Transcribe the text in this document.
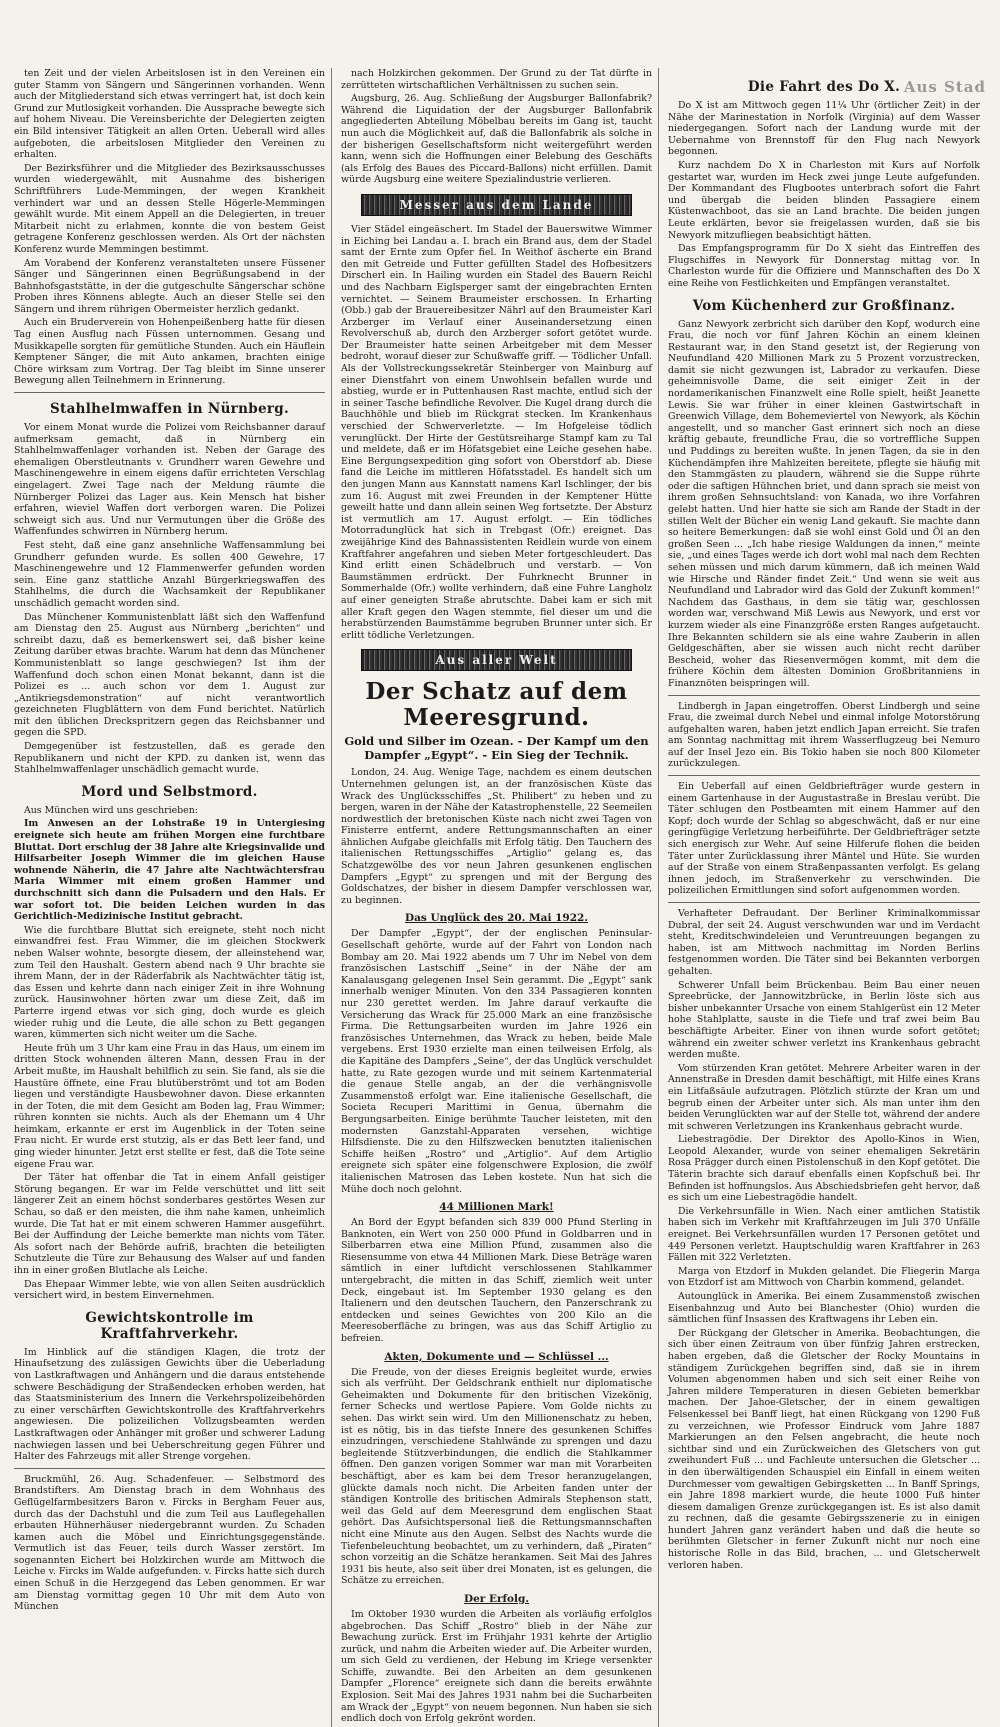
Aus Stad

ten Zeit und der vielen Arbeitslosen ist in den Vereinen ein guter Stamm von Sängern und Sängerinnen vorhanden. Wenn auch der Mitgliederstand sich etwas verringert hat, ist doch kein Grund zur Mutlosigkeit vorhanden. Die Aussprache bewegte sich auf hohem Niveau. Die Vereinsberichte der Delegierten zeigten ein Bild intensiver Tätigkeit an allen Orten. Ueberall wird alles aufgeboten, die arbeitslosen Mitglieder den Vereinen zu erhalten.

Der Bezirksführer und die Mitglieder des Bezirksausschusses wurden wiedergewählt, mit Ausnahme des bisherigen Schriftführers Lude-Memmingen, der wegen Krankheit verhindert war und an dessen Stelle Högerle-Memmingen gewählt wurde. Mit einem Appell an die Delegierten, in treuer Mitarbeit nicht zu erlahmen, konnte die von bestem Geist getragene Konferenz geschlossen werden. Als Ort der nächsten Konferenz wurde Memmingen bestimmt.

Am Vorabend der Konferenz veranstalteten unsere Füssener Sänger und Sängerinnen einen Begrüßungsabend in der Bahnhofsgaststätte, in der die gutgeschulte Sängerschar schöne Proben ihres Könnens ablegte. Auch an dieser Stelle sei den Sängern und ihrem rührigen Obermeister herzlich gedankt.

Auch ein Bruderverein von Hohenpeißenberg hatte für diesen Tag einen Ausflug nach Füssen unternommen. Gesang und Musikkapelle sorgten für gemütliche Stunden. Auch ein Häuflein Kemptener Sänger, die mit Auto ankamen, brachten einige Chöre wirksam zum Vortrag. Der Tag bleibt im Sinne unserer Bewegung allen Teilnehmern in Erinnerung.

Stahlhelmwaffen in Nürnberg.

Vor einem Monat wurde die Polizei vom Reichsbanner darauf aufmerksam gemacht, daß in Nürnberg ein Stahlhelmwaffenlager vorhanden ist. Neben der Garage des ehemaligen Oberstleutnants v. Grundherr waren Gewehre und Maschinengewehre in einem eigens dafür errichteten Verschlag eingelagert. Zwei Tage nach der Meldung räumte die Nürnberger Polizei das Lager aus. Kein Mensch hat bisher erfahren, wieviel Waffen dort verborgen waren. Die Polizei schweigt sich aus. Und nur Vermutungen über die Größe des Waffenfundes schwirren in Nürnberg herum.

Fest steht, daß eine ganz ansehnliche Waffensammlung bei Grundherr gefunden wurde. Es sollen 400 Gewehre, 17 Maschinengewehre und 12 Flammenwerfer gefunden worden sein. Eine ganz stattliche Anzahl Bürgerkriegswaffen des Stahlhelms, die durch die Wachsamkeit der Republikaner unschädlich gemacht worden sind.

Das Münchener Kommunistenblatt läßt sich den Waffenfund am Dienstag den 25. August aus Nürnberg „berichten“ und schreibt dazu, daß es bemerkenswert sei, daß bisher keine Zeitung darüber etwas brachte. Warum hat denn das Münchener Kommunistenblatt so lange geschwiegen? Ist ihm der Waffenfund doch schon einen Monat bekannt, dann ist die Polizei es ... auch schon vor dem 1. August zur „Antikriegsdemonstration“ auf nicht verantwortlich gezeichneten Flugblättern von dem Fund berichtet. Natürlich mit den üblichen Dreckspritzern gegen das Reichsbanner und gegen die SPD.

Demgegenüber ist festzustellen, daß es gerade den Republikanern und nicht der KPD. zu danken ist, wenn das Stahlhelmwaffenlager unschädlich gemacht wurde.

Mord und Selbstmord.

Aus München wird uns geschrieben:

Im Anwesen an der Lohstraße 19 in Untergiesing ereignete sich heute am frühen Morgen eine furchtbare Bluttat. Dort erschlug der 38 Jahre alte Kriegsinvalide und Hilfsarbeiter Joseph Wimmer die im gleichen Hause wohnende Näherin, die 47 Jahre alte Nachtwächtersfrau Maria Wimmer mit einem großen Hammer und durchschnitt sich dann die Pulsadern und den Hals. Er war sofort tot. Die beiden Leichen wurden in das Gerichtlich-Medizinische Institut gebracht.

Wie die furchtbare Bluttat sich ereignete, steht noch nicht einwandfrei fest. Frau Wimmer, die im gleichen Stockwerk neben Walser wohnte, besorgte diesem, der alleinstehend war, zum Teil den Haushalt. Gestern abend nach 9 Uhr brachte sie ihrem Mann, der in der Räderfabrik als Nachtwächter tätig ist, das Essen und kehrte dann nach einiger Zeit in ihre Wohnung zurück. Hausinwohner hörten zwar um diese Zeit, daß im Parterre irgend etwas vor sich ging, doch wurde es gleich wieder ruhig und die Leute, die alle schon zu Bett gegangen waren, kümmerten sich nicht weiter um die Sache.

Heute früh um 3 Uhr kam eine Frau in das Haus, um einem im dritten Stock wohnenden älteren Mann, dessen Frau in der Arbeit mußte, im Haushalt behilflich zu sein. Sie fand, als sie die Haustüre öffnete, eine Frau blutüberströmt und tot am Boden liegen und verständigte Hausbewohner davon. Diese erkannten in der Toten, die mit dem Gesicht am Boden lag, Frau Wimmer; rühren konnten sie nichts. Auch als der Ehemann um 4 Uhr heimkam, erkannte er erst im Augenblick in der Toten seine Frau nicht. Er wurde erst stutzig, als er das Bett leer fand, und ging wieder hinunter. Jetzt erst stellte er fest, daß die Tote seine eigene Frau war.

Der Täter hat offenbar die Tat in einem Anfall geistiger Störung begangen. Er war im Felde verschüttet und litt seit längerer Zeit an einem höchst sonderbares gestörtes Wesen zur Schau, so daß er den meisten, die ihm nahe kamen, unheimlich wurde. Die Tat hat er mit einem schweren Hammer ausgeführt. Bei der Auffindung der Leiche bemerkte man nichts vom Täter. Als sofort nach der Behörde aufriß, brachten die beteiligten Schutzleute die Türe zur Behausung des Walser auf und fanden ihn in einer großen Blutlache als Leiche.

Das Ehepaar Wimmer lebte, wie von allen Seiten ausdrücklich versichert wird, in bestem Einvernehmen.

Gewichtskontrolle im Kraftfahrverkehr.

Im Hinblick auf die ständigen Klagen, die trotz der Hinaufsetzung des zulässigen Gewichts über die Ueberladung von Lastkraftwagen und Anhängern und die daraus entstehende schwere Beschädigung der Straßendecken erhoben werden, hat das Staatsministerium des Innern die Verkehrspolizeibehörden zu einer verschärften Gewichtskontrolle des Kraftfahrverkehrs angewiesen. Die polizeilichen Vollzugsbeamten werden Lastkraftwagen oder Anhänger mit großer und schwerer Ladung nachwiegen lassen und bei Ueberschreitung gegen Führer und Halter des Fahrzeugs mit aller Strenge vorgehen.

Bruckmühl, 26. Aug. Schadenfeuer. — Selbstmord des Brandstifters. Am Dienstag brach in dem Wohnhaus des Geflügelfarmbesitzers Baron v. Fircks in Bergham Feuer aus, durch das der Dachstuhl und die zum Teil aus Lauflegehallen erbauten Hühnerhäuser niedergebrannt wurden. Zu Schaden kamen auch die Möbel und Einrichtungsgegenstände. Vermutlich ist das Feuer, teils durch Wasser zerstört. Im sogenannten Eichert bei Holzkirchen wurde am Mittwoch die Leiche v. Fircks im Walde aufgefunden. v. Fircks hatte sich durch einen Schuß in die Herzgegend das Leben genommen. Er war am Dienstag vormittag gegen 10 Uhr mit dem Auto von München

nach Holzkirchen gekommen. Der Grund zu der Tat dürfte in zerrütteten wirtschaftlichen Verhältnissen zu suchen sein.

Augsburg, 26. Aug. Schließung der Augsburger Ballonfabrik? Während die Liquidation der der Augsburger Ballonfabrik angegliederten Abteilung Möbelbau bereits im Gang ist, taucht nun auch die Möglichkeit auf, daß die Ballonfabrik als solche in der bisherigen Gesellschaftsform nicht weitergeführt werden kann, wenn sich die Hoffnungen einer Belebung des Geschäfts (als Erfolg des Baues des Piccard-Ballons) nicht erfüllen. Damit würde Augsburg eine weitere Spezialindustrie verlieren.

Messer aus dem Lande

Vier Städel eingeäschert. Im Stadel der Bauerswitwe Wimmer in Eiching bei Landau a. I. brach ein Brand aus, dem der Stadel samt der Ernte zum Opfer fiel. In Weithof äscherte ein Brand den mit Getreide und Futter gefüllten Stadel des Hofbesitzers Dirscherl ein. In Hailing wurden ein Stadel des Bauern Reichl und des Nachbarn Eiglsperger samt der eingebrachten Ernten vernichtet. — Seinem Braumeister erschossen. In Erharting (Obb.) gab der Brauereibesitzer Nährl auf den Braumeister Karl Arzberger im Verlauf einer Auseinandersetzung einen Revolverschuß ab, durch den Arzberger sofort getötet wurde. Der Braumeister hatte seinen Arbeitgeber mit dem Messer bedroht, worauf dieser zur Schußwaffe griff. — Tödlicher Unfall. Als der Vollstreckungssekretär Steinberger von Mainburg auf einer Dienstfahrt von einem Unwohlsein befallen wurde und abstieg, wurde er in Puttenhausen Rast machte, entlud sich der in seiner Tasche befindliche Revolver. Die Kugel drang durch die Bauchhöhle und blieb im Rückgrat stecken. Im Krankenhaus verschied der Schwerverletzte. — Im Hofgeleise tödlich verunglückt. Der Hirte der Gestütsreiharge Stampf kam zu Tal und meldete, daß er im Höfatsgebiet eine Leiche gesehen habe. Eine Bergungsexpedition ging sofort von Oberstdorf ab. Diese fand die Leiche im mittleren Höfatsstadel. Es handelt sich um den jungen Mann aus Kannstatt namens Karl Ischlinger, der bis zum 16. August mit zwei Freunden in der Kemptener Hütte geweilt hatte und dann allein seinen Weg fortsetzte. Der Absturz ist vermutlich am 17. August erfolgt. — Ein tödliches Motorradunglück hat sich in Trebgast (Ofr.) ereignet. Das zweijährige Kind des Bahnassistenten Reidlein wurde von einem Kraftfahrer angefahren und sieben Meter fortgeschleudert. Das Kind erlitt einen Schädelbruch und verstarb. — Von Baumstämmen erdrückt. Der Fuhrknecht Brunner in Sommerhalde (Ofr.) wollte verhindern, daß eine Fuhre Langholz auf einer geneigten Straße abrutschte. Dabei kam er sich mit aller Kraft gegen den Wagen stemmte, fiel dieser um und die herabstürzenden Baumstämme begruben Brunner unter sich. Er erlitt tödliche Verletzungen.

Aus aller Welt
Der Schatz auf dem Meeresgrund.
Gold und Silber im Ozean. - Der Kampf um den Dampfer „Egypt“. - Ein Sieg der Technik.

London, 24. Aug. Wenige Tage, nachdem es einem deutschen Unternehmen gelungen ist, an der französischen Küste das Wrack des Unglücksschiffes „St. Philibert“ zu heben und zu bergen, waren in der Nähe der Katastrophenstelle, 22 Seemeilen nordwestlich der bretonischen Küste nach nicht zwei Tagen von Finisterre entfernt, andere Rettungsmannschaften an einer ähnlichen Aufgabe gleichfalls mit Erfolg tätig. Den Tauchern des italienischen Rettungsschiffes „Artiglio“ gelang es, das Schatzgewölbe des vor neun Jahren gesunkenen englischen Dampfers „Egypt“ zu sprengen und mit der Bergung des Goldschatzes, der bisher in diesem Dampfer verschlossen war, zu beginnen.

Das Unglück des 20. Mai 1922.

Der Dampfer „Egypt“, der der englischen Peninsular-Gesellschaft gehörte, wurde auf der Fahrt von London nach Bombay am 20. Mai 1922 abends um 7 Uhr im Nebel von dem französischen Lastschiff „Seine“ in der Nähe der am Kanalausgang gelegenen Insel Sein gerammt. Die „Egypt“ sank innerhalb weniger Minuten. Von den 334 Passagieren konnten nur 230 gerettet werden. Im Jahre darauf verkaufte die Versicherung das Wrack für 25.000 Mark an eine französische Firma. Die Rettungsarbeiten wurden im Jahre 1926 ein französisches Unternehmen, das Wrack zu heben, beide Male vergebens. Erst 1930 erzielte man einen teilweisen Erfolg, als die Kapitäne des Dampfers „Seine“, der das Unglück verschuldet hatte, zu Rate gezogen wurde und mit seinem Kartenmaterial die genaue Stelle angab, an der die verhängnisvolle Zusammenstoß erfolgt war. Eine italienische Gesellschaft, die Societa Recuperi Marittimi in Genua, übernahm die Bergungsarbeiten. Einige berühmte Taucher leisteten, mit den modernsten Ganzstahl-Apparaten versehen, wichtige Hilfsdienste. Die zu den Hilfszwecken benutzten italienischen Schiffe heißen „Rostro“ und „Artiglio“. Auf dem Artiglio ereignete sich später eine folgenschwere Explosion, die zwölf italienischen Matrosen das Leben kostete. Nun hat sich die Mühe doch noch gelohnt.

44 Millionen Mark!

An Bord der Egypt befanden sich 839 000 Pfund Sterling in Banknoten, ein Wert von 250 000 Pfund in Goldbarren und in Silberbarren etwa eine Million Pfund, zusammen also die Riesensumme von etwa 44 Millionen Mark. Diese Beträge waren sämtlich in einer luftdicht verschlossenen Stahlkammer untergebracht, die mitten in das Schiff, ziemlich weit unter Deck, eingebaut ist. Im September 1930 gelang es den Italienern und den deutschen Tauchern, den Panzerschrank zu entdecken und seines Gewichtes von 200 Kilo an die Meeresoberfläche zu bringen, was aus das Schiff Artiglio zu befreien.

Akten, Dokumente und — Schlüssel ...

Die Freude, von der dieses Ereignis begleitet wurde, erwies sich als verfrüht. Der Geldschrank enthielt nur diplomatische Geheimakten und Dokumente für den britischen Vizekönig, ferner Schecks und wertlose Papiere. Vom Golde nichts zu sehen. Das wirkt sein wird. Um den Millionenschatz zu heben, ist es nötig, bis in das tiefste Innere des gesunkenen Schiffes einzudringen, verschiedene Stahlwände zu sprengen und dazu begleitende Stützverbindungen, die endlich die Stahlkammer öffnen. Den ganzen vorigen Sommer war man mit Vorarbeiten beschäftigt, aber es kam bei dem Tresor heranzugelangen, glückte damals noch nicht. Die Arbeiten fanden unter der ständigen Kontrolle des britischen Admirals Stephenson statt, weil das Geld auf dem Meeresgrund dem englischen Staat gehört. Das Aufsichtspersonal ließ die Rettungsmannschaften nicht eine Minute aus den Augen. Selbst des Nachts wurde die Tiefenbeleuchtung beobachtet, um zu verhindern, daß „Piraten“ schon vorzeitig an die Schätze herankamen. Seit Mai des Jahres 1931 bis heute, also seit über drei Monaten, ist es gelungen, die Schätze zu erreichen.

Der Erfolg.

Im Oktober 1930 wurden die Arbeiten als vorläufig erfolglos abgebrochen. Das Schiff „Rostro“ blieb in der Nähe zur Bewachung zurück. Erst im Frühjahr 1931 kehrte der Artiglio zurück, und nahm die Arbeiten wieder auf. Die Arbeiter wurden, um sich Geld zu verdienen, der Hebung im Kriege versenkter Schiffe, zuwandte. Bei den Arbeiten an dem gesunkenen Dampfer „Florence“ ereignete sich dann die bereits erwähnte Explosion. Seit Mai des Jahres 1931 nahm bei die Sucharbeiten am Wrack der „Egypt“ von neuem begonnen. Nun haben sie sich endlich doch von Erfolg gekrönt worden.

Die Fahrt des Do X.

Do X ist am Mittwoch gegen 11¼ Uhr (örtlicher Zeit) in der Nähe der Marinestation in Norfolk (Virginia) auf dem Wasser niedergegangen. Sofort nach der Landung wurde mit der Uebernahme von Brennstoff für den Flug nach Newyork begonnen.

Kurz nachdem Do X in Charleston mit Kurs auf Norfolk gestartet war, wurden im Heck zwei junge Leute aufgefunden. Der Kommandant des Flugbootes unterbrach sofort die Fahrt und übergab die beiden blinden Passagiere einem Küstenwachboot, das sie an Land brachte. Die beiden jungen Leute erklärten, bevor sie freigelassen wurden, daß sie bis Newyork mitzufliegen beabsichtigt hätten.

Das Empfangsprogramm für Do X sieht das Eintreffen des Flugschiffes in Newyork für Donnerstag mittag vor. In Charleston wurde für die Offiziere und Mannschaften des Do X eine Reihe von Festlichkeiten und Empfängen veranstaltet.

Vom Küchenherd zur Großfinanz.

Ganz Newyork zerbricht sich darüber den Kopf, wodurch eine Frau, die noch vor fünf Jahren Köchin an einem kleinen Restaurant war, in den Stand gesetzt ist, der Regierung von Neufundland 420 Millionen Mark zu 5 Prozent vorzustrecken, damit sie nicht gezwungen ist, Labrador zu verkaufen. Diese geheimnisvolle Dame, die seit einiger Zeit in der nordamerikanischen Finanzwelt eine Rolle spielt, heißt Jeanette Lewis. Sie war früher in einer kleinen Gastwirtschaft in Greenwich Village, dem Bohemeviertel von Newyork, als Köchin angestellt, und so mancher Gast erinnert sich noch an diese kräftig gebaute, freundliche Frau, die so vortreffliche Suppen und Puddings zu bereiten wußte. In jenen Tagen, da sie in den Küchendämpfen ihre Mahlzeiten bereitete, pflegte sie häufig mit den Stammgästen zu plaudern, während sie die Suppe rührte oder die saftigen Hühnchen briet, und dann sprach sie meist von ihrem großen Sehnsuchtsland: von Kanada, wo ihre Vorfahren gelebt hatten. Und hier hatte sie sich am Rande der Stadt in der stillen Welt der Bücher ein wenig Land gekauft. Sie machte dann so heitere Bemerkungen: daß sie wohl einst Gold und Öl an den großen Seen ... „Ich habe riesige Waldungen da innen,“ meinte sie, „und eines Tages werde ich dort wohl mal nach dem Rechten sehen müssen und mich darum kümmern, daß ich meinen Wald wie Hirsche und Ränder findet Zeit.“ Und wenn sie weit aus Neufundland und Labrador wird das Gold der Zukunft kommen!“ Nachdem das Gasthaus, in dem sie tätig war, geschlossen worden war, verschwand Miß Lewis aus Newyork, und erst vor kurzem wieder als eine Finanzgröße ersten Ranges aufgetaucht. Ihre Bekannten schildern sie als eine wahre Zauberin in allen Geldgeschäften, aber sie wissen auch nicht recht darüber Bescheid, woher das Riesenvermögen kommt, mit dem die frühere Köchin dem ältesten Dominion Großbritanniens in Finanznöten beispringen will.

Lindbergh in Japan eingetroffen. Oberst Lindbergh und seine Frau, die zweimal durch Nebel und einmal infolge Motorstörung aufgehalten waren, haben jetzt endlich Japan erreicht. Sie trafen am Sonntag nachmittag mit ihrem Wasserflugzeug bei Nemuro auf der Insel Jezo ein. Bis Tokio haben sie noch 800 Kilometer zurückzulegen.

Ein Ueberfall auf einen Geldbriefträger wurde gestern in einem Gartenhause in der Augustastraße in Breslau verübt. Die Täter schlugen den Postbeamten mit einem Hammer auf den Kopf; doch wurde der Schlag so abgeschwächt, daß er nur eine geringfügige Verletzung herbeiführte. Der Geldbriefträger setzte sich energisch zur Wehr. Auf seine Hilferufe flohen die beiden Täter unter Zurücklassung ihrer Mäntel und Hüte. Sie wurden auf der Straße von einem Straßenpassanten verfolgt. Es gelang ihnen jedoch, im Straßenverkehr zu verschwinden. Die polizeilichen Ermittlungen sind sofort aufgenommen worden.

Verhafteter Defraudant. Der Berliner Kriminalkommissar Dubral, der seit 24. August verschwunden war und im Verdacht steht, Kreditschwindeleien und Veruntreuungen begangen zu haben, ist am Mittwoch nachmittag im Norden Berlins festgenommen worden. Die Täter sind bei Bekannten verborgen gehalten.

Schwerer Unfall beim Brückenbau. Beim Bau einer neuen Spreebrücke, der Jannowitzbrücke, in Berlin löste sich aus bisher unbekannter Ursache von einem Stahlgerüst ein 12 Meter hohe Stahlplatte, sauste in die Tiefe und traf zwei beim Bau beschäftigte Arbeiter. Einer von ihnen wurde sofort getötet; während ein zweiter schwer verletzt ins Krankenhaus gebracht werden mußte.

Vom stürzenden Kran getötet. Mehrere Arbeiter waren in der Annenstraße in Dresden damit beschäftigt, mit Hilfe eines Krans ein Litfaßsäule aufzutragen. Plötzlich stürzte der Kran um und begrub einen der Arbeiter unter sich. Als man unter ihm den beiden Verunglückten war auf der Stelle tot, während der andere mit schweren Verletzungen ins Krankenhaus gebracht wurde.

Liebestragödie. Der Direktor des Apollo-Kinos in Wien, Leopold Alexander, wurde von seiner ehemaligen Sekretärin Rosa Prägger durch einen Pistolenschuß in den Kopf getötet. Die Täterin brachte sich darauf ebenfalls einen Kopfschuß bei. Ihr Befinden ist hoffnungslos. Aus Abschiedsbriefen geht hervor, daß es sich um eine Liebestragödie handelt.

Die Verkehrsunfälle in Wien. Nach einer amtlichen Statistik haben sich im Verkehr mit Kraftfahrzeugen im Juli 370 Unfälle ereignet. Bei Verkehrsunfällen wurden 17 Personen getötet und 449 Personen verletzt. Hauptschuldig waren Kraftfahrer in 263 Fällen mit 322 Verletzten.

Marga von Etzdorf in Mukden gelandet. Die Fliegerin Marga von Etzdorf ist am Mittwoch von Charbin kommend, gelandet.

Autounglück in Amerika. Bei einem Zusammenstoß zwischen Eisenbahnzug und Auto bei Blanchester (Ohio) wurden die sämtlichen fünf Insassen des Kraftwagens ihr Leben ein.

Der Rückgang der Gletscher in Amerika. Beobachtungen, die sich über einen Zeitraum von über fünfzig Jahren erstrecken, haben ergeben, daß die Gletscher der Rocky Mountains in ständigem Zurückgehen begriffen sind, daß sie in ihrem Volumen abgenommen haben und sich seit einer Reihe von Jahren mildere Temperaturen in diesen Gebieten bemerkbar machen. Der Jahoe-Gletscher, der in einem gewaltigen Felsenkessel bei Banff liegt, hat einen Rückgang von 1290 Fuß zu verzeichnen, wie Professor Eindruck vom Jahre 1887 Markierungen an den Felsen angebracht, die heute noch sichtbar sind und ein Zurückweichen des Gletschers von gut zweihundert Fuß ... und Fachleute untersuchen die Gletscher ... in den überwältigenden Schauspiel ein Einfall in einem weiten Durchmesser vom gewaltigen Gebirgsketten ... In Banff Springs, ein Jahre 1898 markiert wurde, die heute 1000 Fuß hinter diesem damaligen Grenze zurückgegangen ist. Es ist also damit zu rechnen, daß die gesamte Gebirgsszenerie zu in einigen hundert Jahren ganz verändert haben und daß die heute so berühmten Gletscher in ferner Zukunft nicht nur noch eine historische Rolle in das Bild, brachen, ... und Gletscherwelt verloren haben.
